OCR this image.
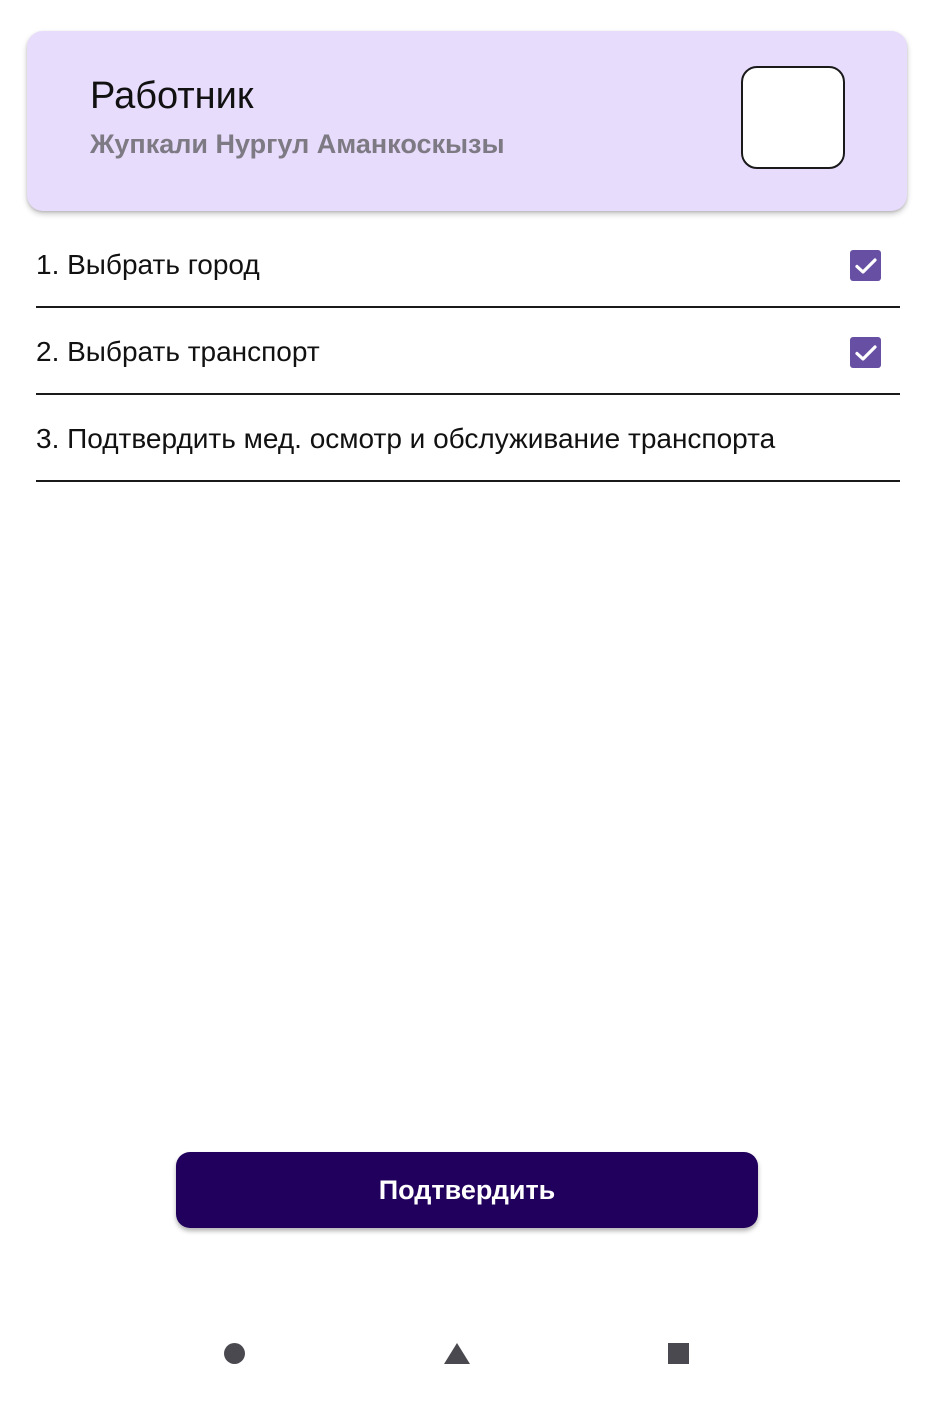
Работник
Жупкали Нургул Аманкоскызы
1. Выбрать город
2. Выбрать транспорт
3. Подтвердить мед. осмотр и обслуживание транспорта
Подтвердить
